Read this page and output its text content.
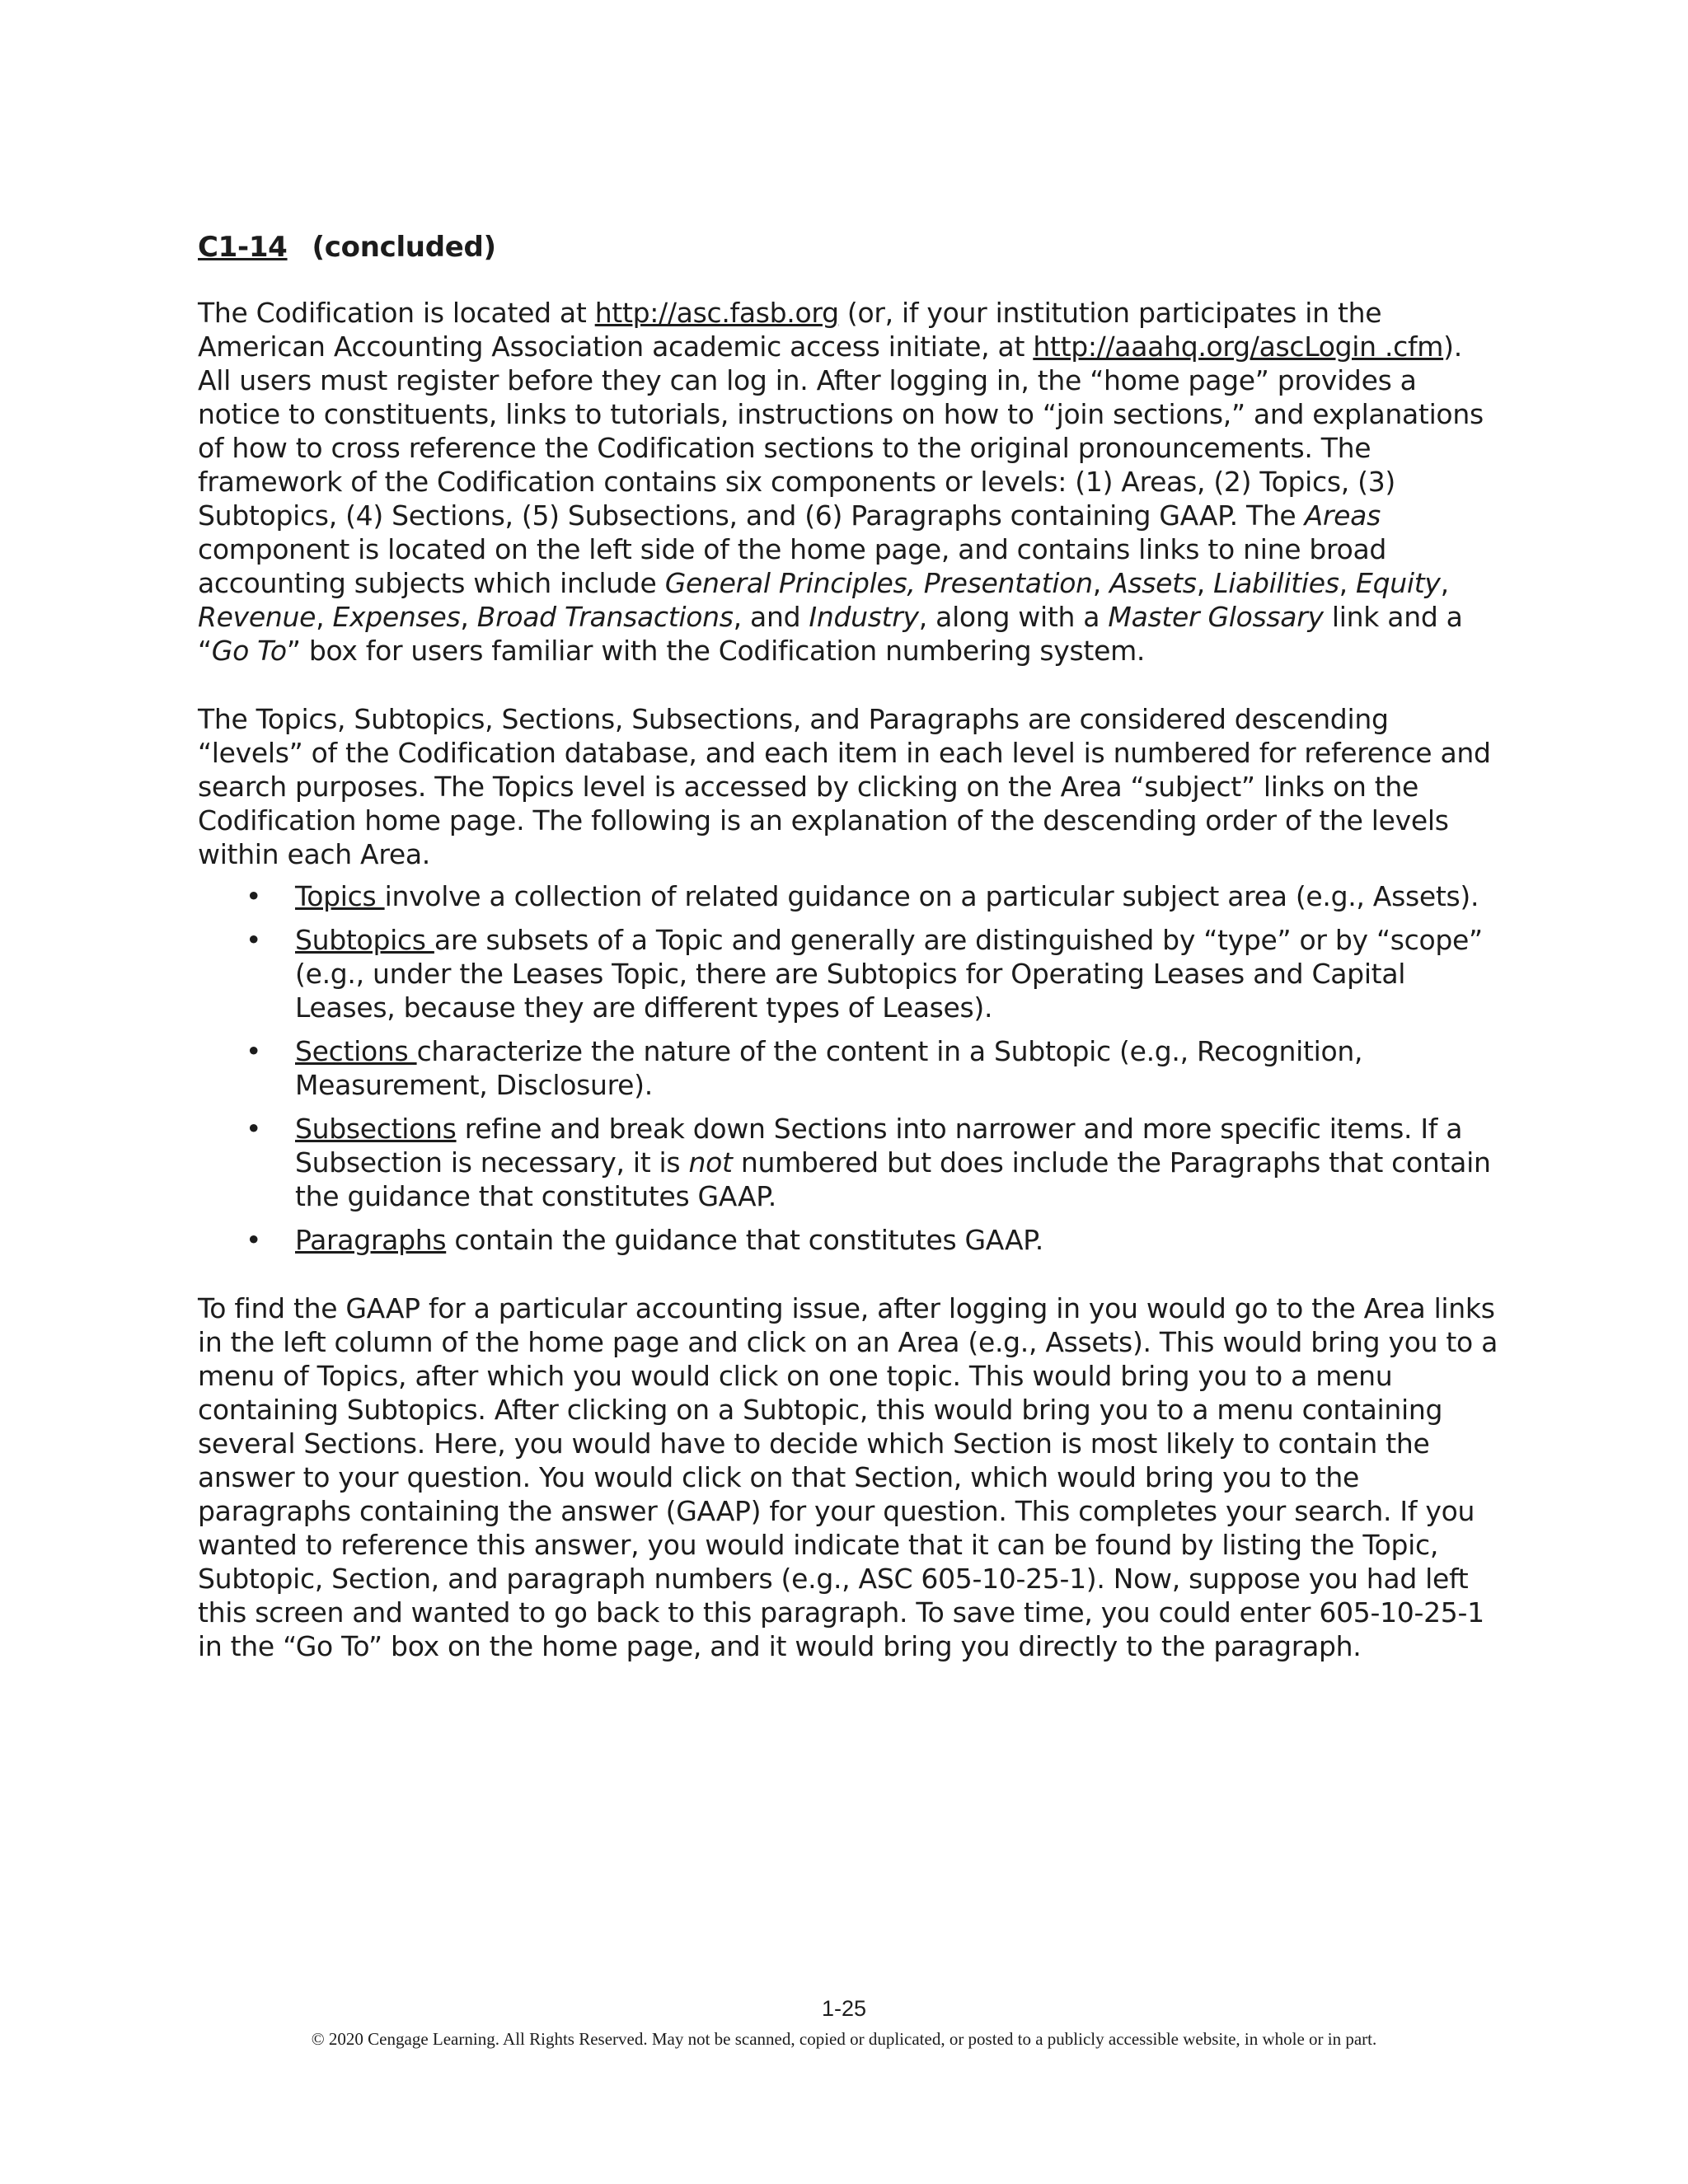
C1-14 (concluded)

The Codification is located at http://asc.fasb.org (or, if your institution participates in the American Accounting Association academic access initiate, at http://aaahq.org/ascLogin .cfm). All users must register before they can log in. After logging in, the “home page” provides a notice to constituents, links to tutorials, instructions on how to “join sections,” and explanations of how to cross reference the Codification sections to the original pronouncements. The framework of the Codification contains six components or levels: (1) Areas, (2) Topics, (3) Subtopics, (4) Sections, (5) Subsections, and (6) Paragraphs containing GAAP. The Areas component is located on the left side of the home page, and contains links to nine broad accounting subjects which include General Principles, Presentation, Assets, Liabilities, Equity, Revenue, Expenses, Broad Transactions, and Industry, along with a Master Glossary link and a “Go To” box for users familiar with the Codification numbering system.

The Topics, Subtopics, Sections, Subsections, and Paragraphs are considered descending “levels” of the Codification database, and each item in each level is numbered for reference and search purposes. The Topics level is accessed by clicking on the Area “subject” links on the Codification home page. The following is an explanation of the descending order of the levels within each Area.

• Topics involve a collection of related guidance on a particular subject area (e.g., Assets).
• Subtopics are subsets of a Topic and generally are distinguished by “type” or by “scope” (e.g., under the Leases Topic, there are Subtopics for Operating Leases and Capital Leases, because they are different types of Leases).
• Sections characterize the nature of the content in a Subtopic (e.g., Recognition, Measurement, Disclosure).
• Subsections refine and break down Sections into narrower and more specific items. If a Subsection is necessary, it is not numbered but does include the Paragraphs that contain the guidance that constitutes GAAP.
• Paragraphs contain the guidance that constitutes GAAP.

To find the GAAP for a particular accounting issue, after logging in you would go to the Area links in the left column of the home page and click on an Area (e.g., Assets). This would bring you to a menu of Topics, after which you would click on one topic. This would bring you to a menu containing Subtopics. After clicking on a Subtopic, this would bring you to a menu containing several Sections. Here, you would have to decide which Section is most likely to contain the answer to your question. You would click on that Section, which would bring you to the paragraphs containing the answer (GAAP) for your question. This completes your search. If you wanted to reference this answer, you would indicate that it can be found by listing the Topic, Subtopic, Section, and paragraph numbers (e.g., ASC 605-10-25-1). Now, suppose you had left this screen and wanted to go back to this paragraph. To save time, you could enter 605-10-25-1 in the “Go To” box on the home page, and it would bring you directly to the paragraph.

1-25
© 2020 Cengage Learning. All Rights Reserved. May not be scanned, copied or duplicated, or posted to a publicly accessible website, in whole or in part.
